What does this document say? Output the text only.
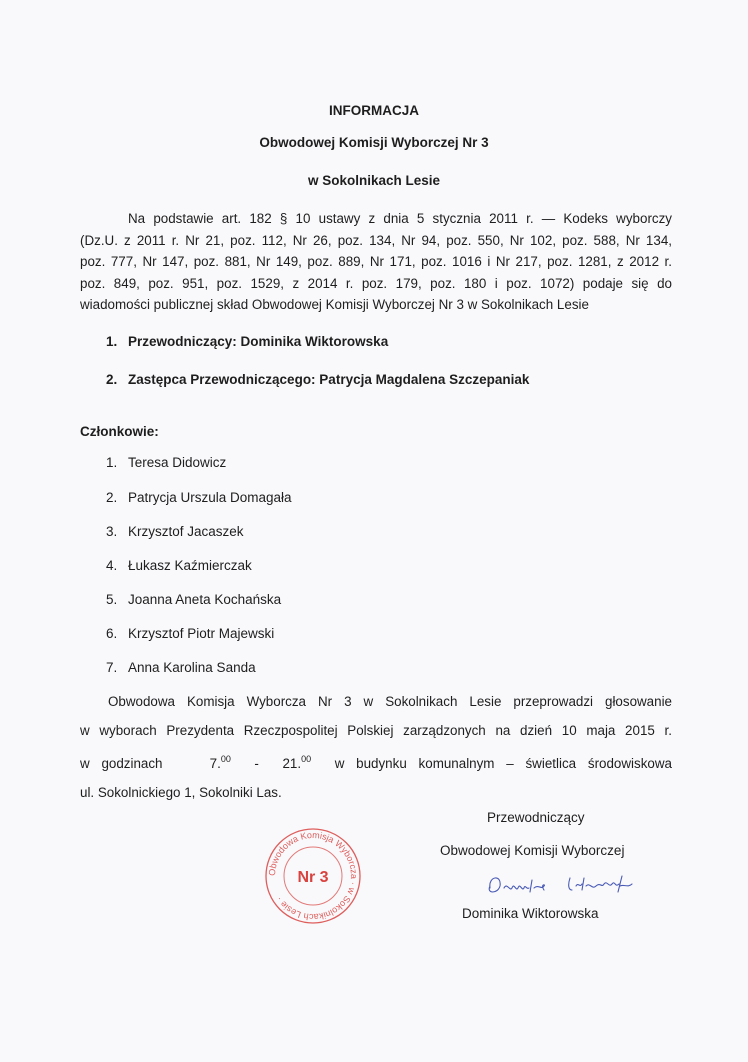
INFORMACJA
Obwodowej Komisji Wyborczej Nr 3
w Sokolnikach Lesie
Na podstawie art. 182 § 10 ustawy z dnia 5 stycznia 2011 r. — Kodeks wyborczy
(Dz.U. z 2011 r. Nr 21, poz. 112, Nr 26, poz. 134, Nr 94, poz. 550, Nr 102, poz. 588, Nr 134,
poz. 777, Nr 147, poz. 881, Nr 149, poz. 889, Nr 171, poz. 1016 i Nr 217, poz. 1281, z 2012 r.
poz. 849, poz. 951, poz. 1529, z 2014 r. poz. 179, poz. 180 i poz. 1072) podaje się do
wiadomości publicznej skład Obwodowej Komisji Wyborczej Nr 3 w Sokolnikach Lesie
1. Przewodniczący: Dominika Wiktorowska
2. Zastępca Przewodniczącego: Patrycja Magdalena Szczepaniak
Członkowie:
1. Teresa Didowicz
2. Patrycja Urszula Domagała
3. Krzysztof Jacaszek
4. Łukasz Kaźmierczak
5. Joanna Aneta Kochańska
6. Krzysztof Piotr Majewski
7. Anna Karolina Sanda
Obwodowa Komisja Wyborcza Nr 3 w Sokolnikach Lesie przeprowadzi głosowanie
w wyborach Prezydenta Rzeczpospolitej Polskiej zarządzonych na dzień 10 maja 2015 r.
w godzinach	7.00 - 21.00 w budynku komunalnym – świetlica środowiskowa
ul. Sokolnickiego 1, Sokolniki Las.
Przewodniczący
Obwodowej Komisji Wyborczej
Dominika Wiktorowska
Obwodowa Komisja Wyborcza · w Sokolnikach Lesie ·
Nr 3
